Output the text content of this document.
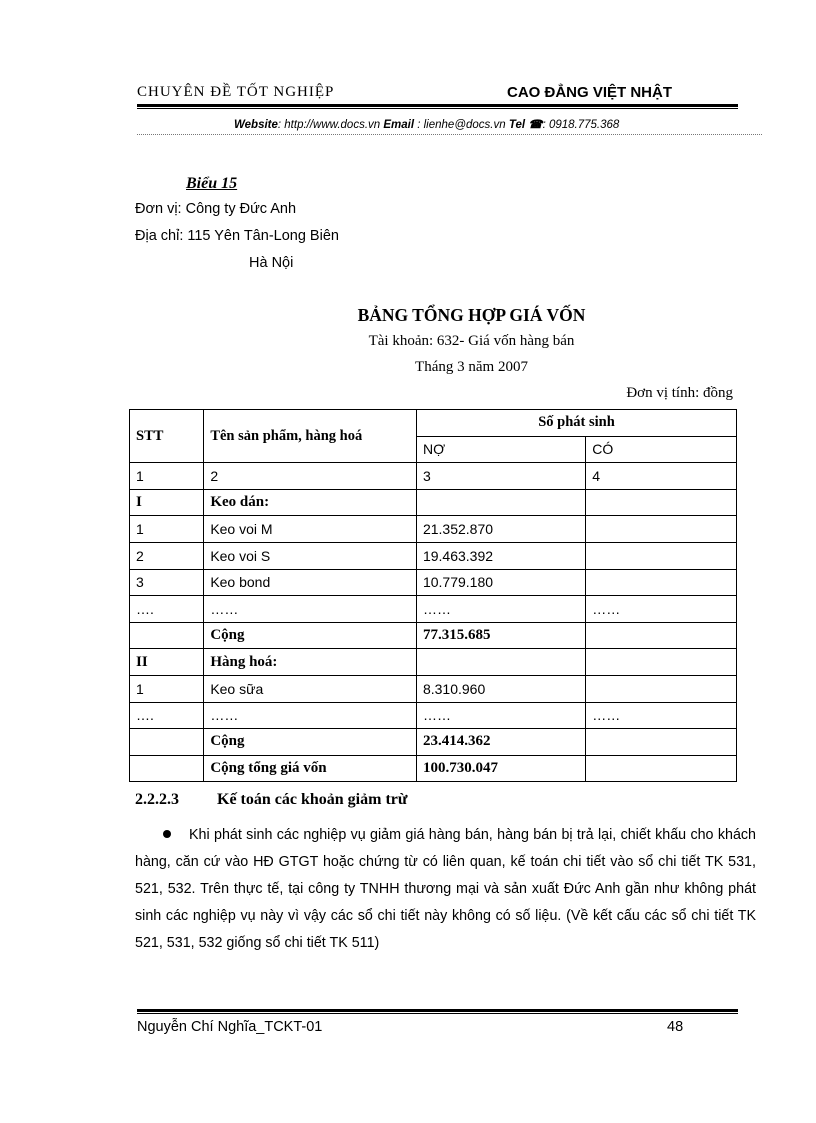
CHUYÊN ĐỀ TỐT NGHIỆP	CAO ĐẲNG VIỆT NHẬT
Website: http://www.docs.vn Email : lienhe@docs.vn Tel ☎: 0918.775.368
Biểu 15
Đơn vị: Công ty Đức Anh
Địa chỉ: 115 Yên Tân-Long Biên
Hà Nội
BẢNG TỔNG HỢP GIÁ VỐN
Tài khoản: 632- Giá vốn hàng bán
Tháng 3 năm 2007
Đơn vị tính: đồng
STT	Tên sản phẩm, hàng hoá	Số phát sinh	
		NỢ	CÓ
1	2	3	4
I	Keo dán:		
1	Keo voi M	21.352.870	
2	Keo voi S	19.463.392	
3	Keo bond	10.779.180	
….	……	……	……
	Cộng	77.315.685	
II	Hàng hoá:		
1	Keo sữa	8.310.960	
….	……	……	……
	Cộng	23.414.362	
	Cộng tổng giá vốn	100.730.047	
2.2.2.3 Kế toán các khoản giảm trừ
Khi phát sinh các nghiệp vụ giảm giá hàng bán, hàng bán bị trả lại, chiết khấu cho khách hàng, căn cứ vào HĐ GTGT hoặc chứng từ có liên quan, kế toán chi tiết vào sổ chi tiết TK 531, 521, 532. Trên thực tế, tại công ty TNHH thương mại và sản xuất Đức Anh gần như không phát sinh các nghiệp vụ này vì vậy các sổ chi tiết này không có số liệu. (Về kết cấu các sổ chi tiết TK 521, 531, 532 giống sổ chi tiết TK 511)
Nguyễn Chí Nghĩa_TCKT-01	48
